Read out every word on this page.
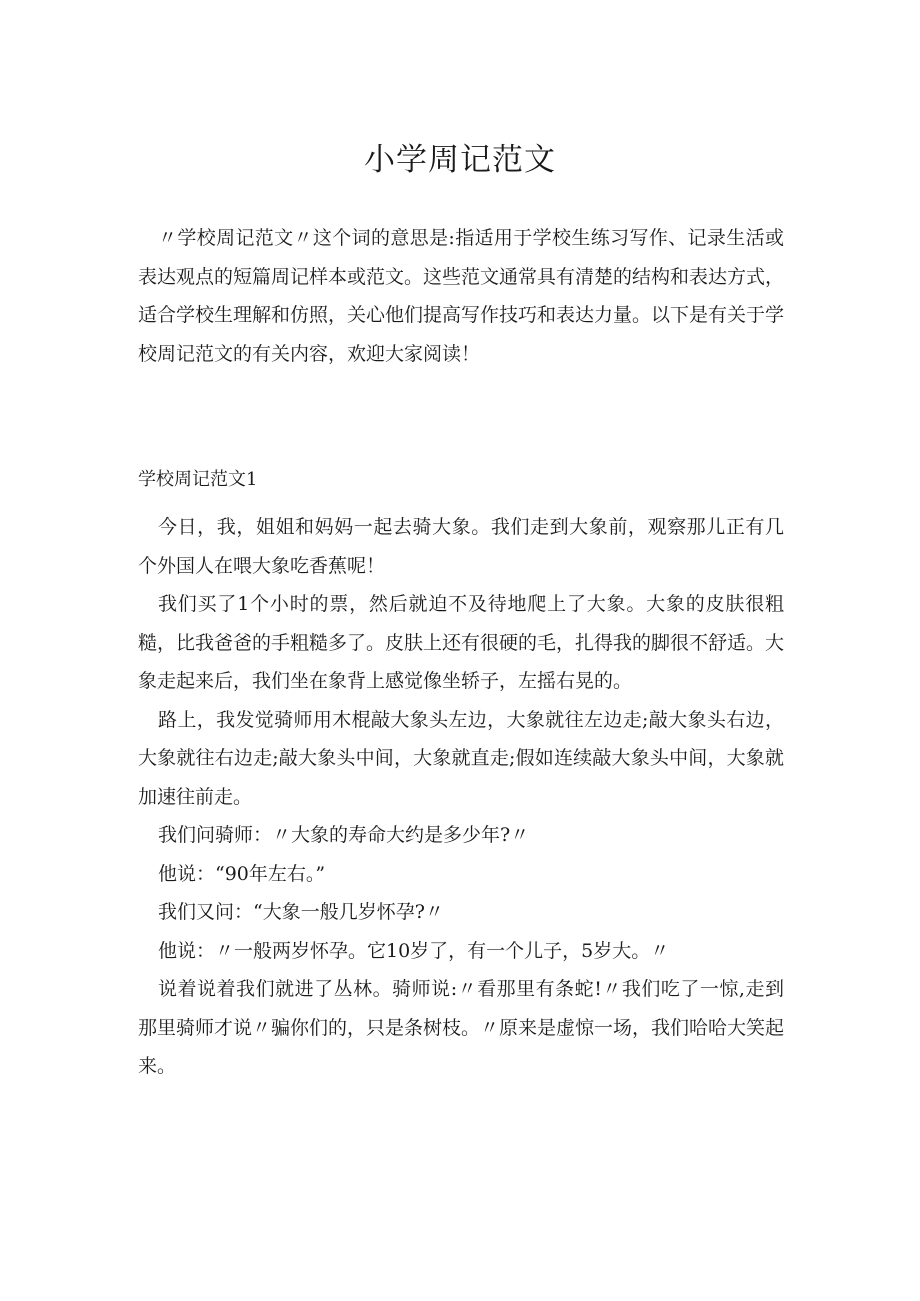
小学周记范文

〃学校周记范文〃这个词的意思是:指适用于学校生练习写作、记录生活或表达观点的短篇周记样本或范文。这些范文通常具有清楚的结构和表达方式，适合学校生理解和仿照，关心他们提高写作技巧和表达力量。以下是有关于学校周记范文的有关内容，欢迎大家阅读！

学校周记范文1

今日，我，姐姐和妈妈一起去骑大象。我们走到大象前，观察那儿正有几个外国人在喂大象吃香蕉呢！

我们买了1个小时的票，然后就迫不及待地爬上了大象。大象的皮肤很粗糙，比我爸爸的手粗糙多了。皮肤上还有很硬的毛，扎得我的脚很不舒适。大象走起来后，我们坐在象背上感觉像坐轿子，左摇右晃的。

路上，我发觉骑师用木棍敲大象头左边，大象就往左边走;敲大象头右边，大象就往右边走;敲大象头中间，大象就直走;假如连续敲大象头中间，大象就加速往前走。

我们问骑师：〃大象的寿命大约是多少年?〃

他说：“90年左右。”

我们又问：“大象一般几岁怀孕?〃

他说：〃一般两岁怀孕。它10岁了，有一个儿子，5岁大。〃

说着说着我们就进了丛林。骑师说:〃看那里有条蛇!〃我们吃了一惊,走到那里骑师才说〃骗你们的，只是条树枝。〃原来是虚惊一场，我们哈哈大笑起来。
